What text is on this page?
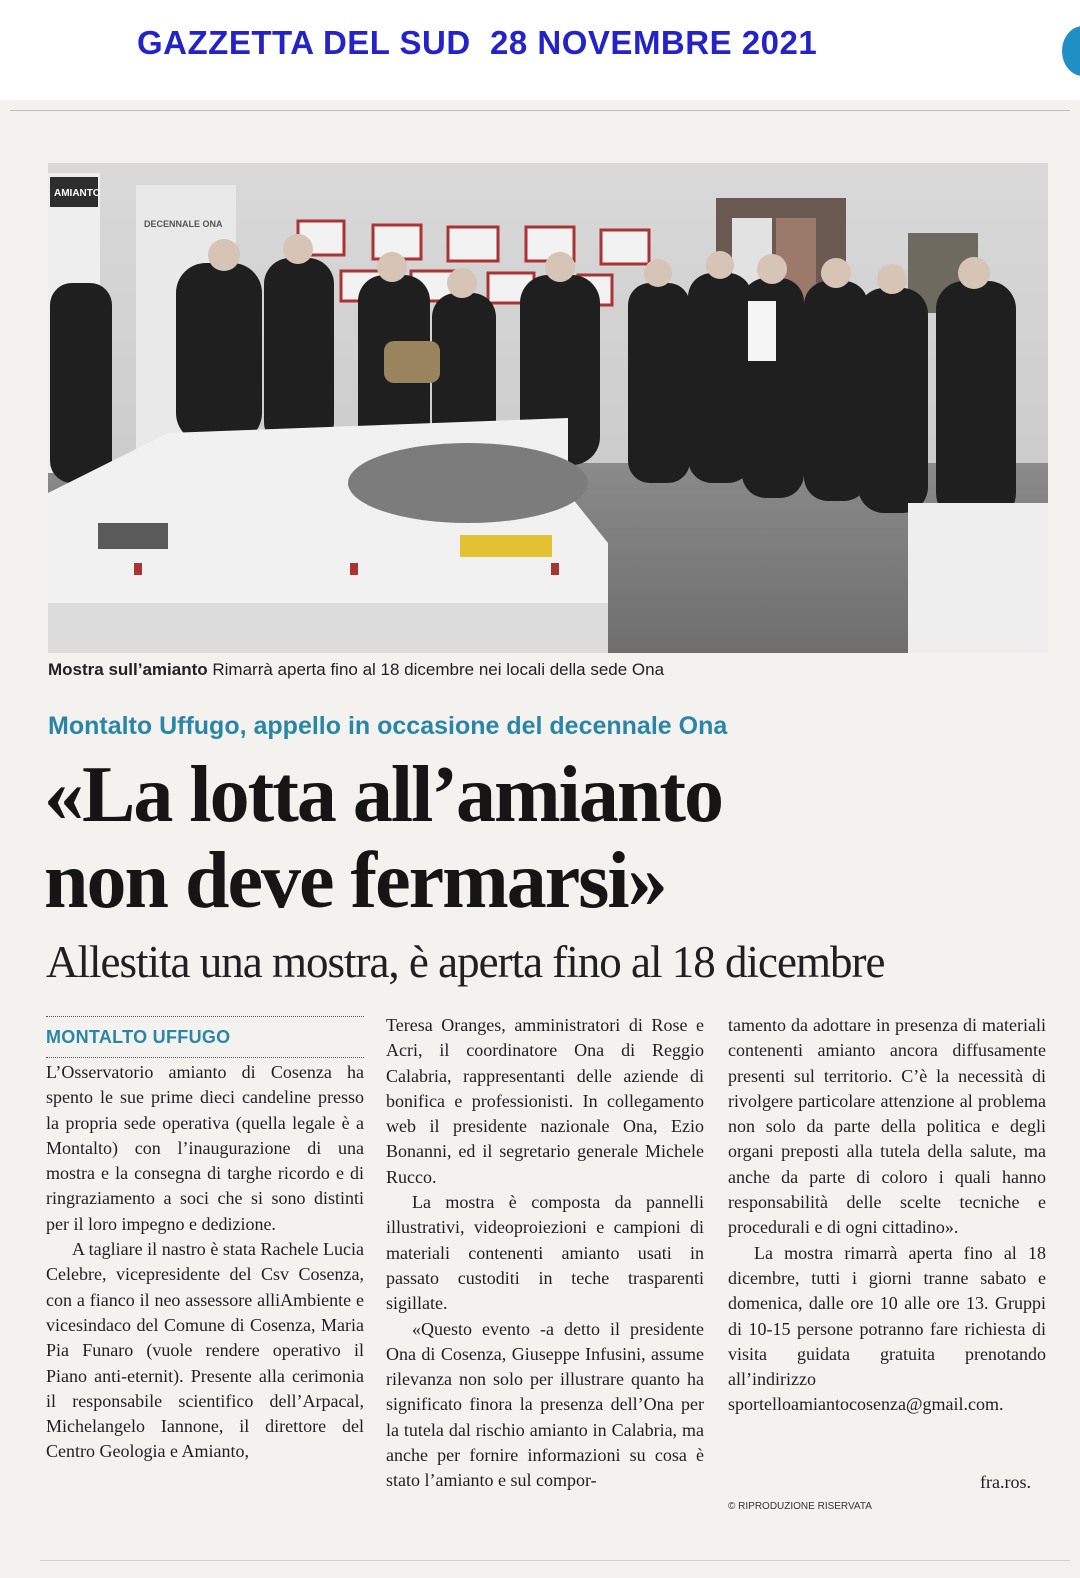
GAZZETTA DEL SUD  28 NOVEMBRE 2021
AMIANTO
DECENNALE ONA
Mostra sull’amianto Rimarrà aperta fino al 18 dicembre nei locali della sede Ona
Montalto Uffugo, appello in occasione del decennale Ona
«La lotta all’amianto
non deve fermarsi»
Allestita una mostra, è aperta fino al 18 dicembre
MONTALTO UFFUGO

L’Osservatorio amianto di Cosenza ha spento le sue prime dieci candeline presso la propria sede operativa (quella legale è a Montalto) con l’inaugurazione di una mostra e la consegna di targhe ricordo e di ringraziamento a soci che si sono distinti per il loro impegno e dedizione.

A tagliare il nastro è stata Rachele Lucia Celebre, vicepresidente del Csv Cosenza, con a fianco il neo assessore alliAmbiente e vicesindaco del Comune di Cosenza, Maria Pia Funaro (vuole rendere operativo il Piano anti-eternit). Presente alla cerimonia il responsabile scientifico dell’Arpacal, Michelangelo Iannone, il direttore del Centro Geologia e Amianto,

Teresa Oranges, amministratori di Rose e Acri, il coordinatore Ona di Reggio Calabria, rappresentanti delle aziende di bonifica e professionisti. In collegamento web il presidente nazionale Ona, Ezio Bonanni, ed il segretario generale Michele Rucco.

La mostra è composta da pannelli illustrativi, videoproiezioni e campioni di materiali contenenti amianto usati in passato custoditi in teche trasparenti sigillate.

«Questo evento -a detto il presidente Ona di Cosenza, Giuseppe Infusini, assume rilevanza non solo per illustrare quanto ha significato finora la presenza dell’Ona per la tutela dal rischio amianto in Calabria, ma anche per fornire informazioni su cosa è stato l’amianto e sul compor-

tamento da adottare in presenza di materiali contenenti amianto ancora diffusamente presenti sul territorio. C’è la necessità di rivolgere particolare attenzione al problema non solo da parte della politica e degli organi preposti alla tutela della salute, ma anche da parte di coloro i quali hanno responsabilità delle scelte tecniche e procedurali e di ogni cittadino».

La mostra rimarrà aperta fino al 18 dicembre, tutti i giorni tranne sabato e domenica, dalle ore 10 alle ore 13. Gruppi di 10-15 persone potranno fare richiesta di visita guidata gratuita prenotando all’indirizzo sportelloamiantocosenza@gmail.com.

fra.ros.
© RIPRODUZIONE RISERVATA
